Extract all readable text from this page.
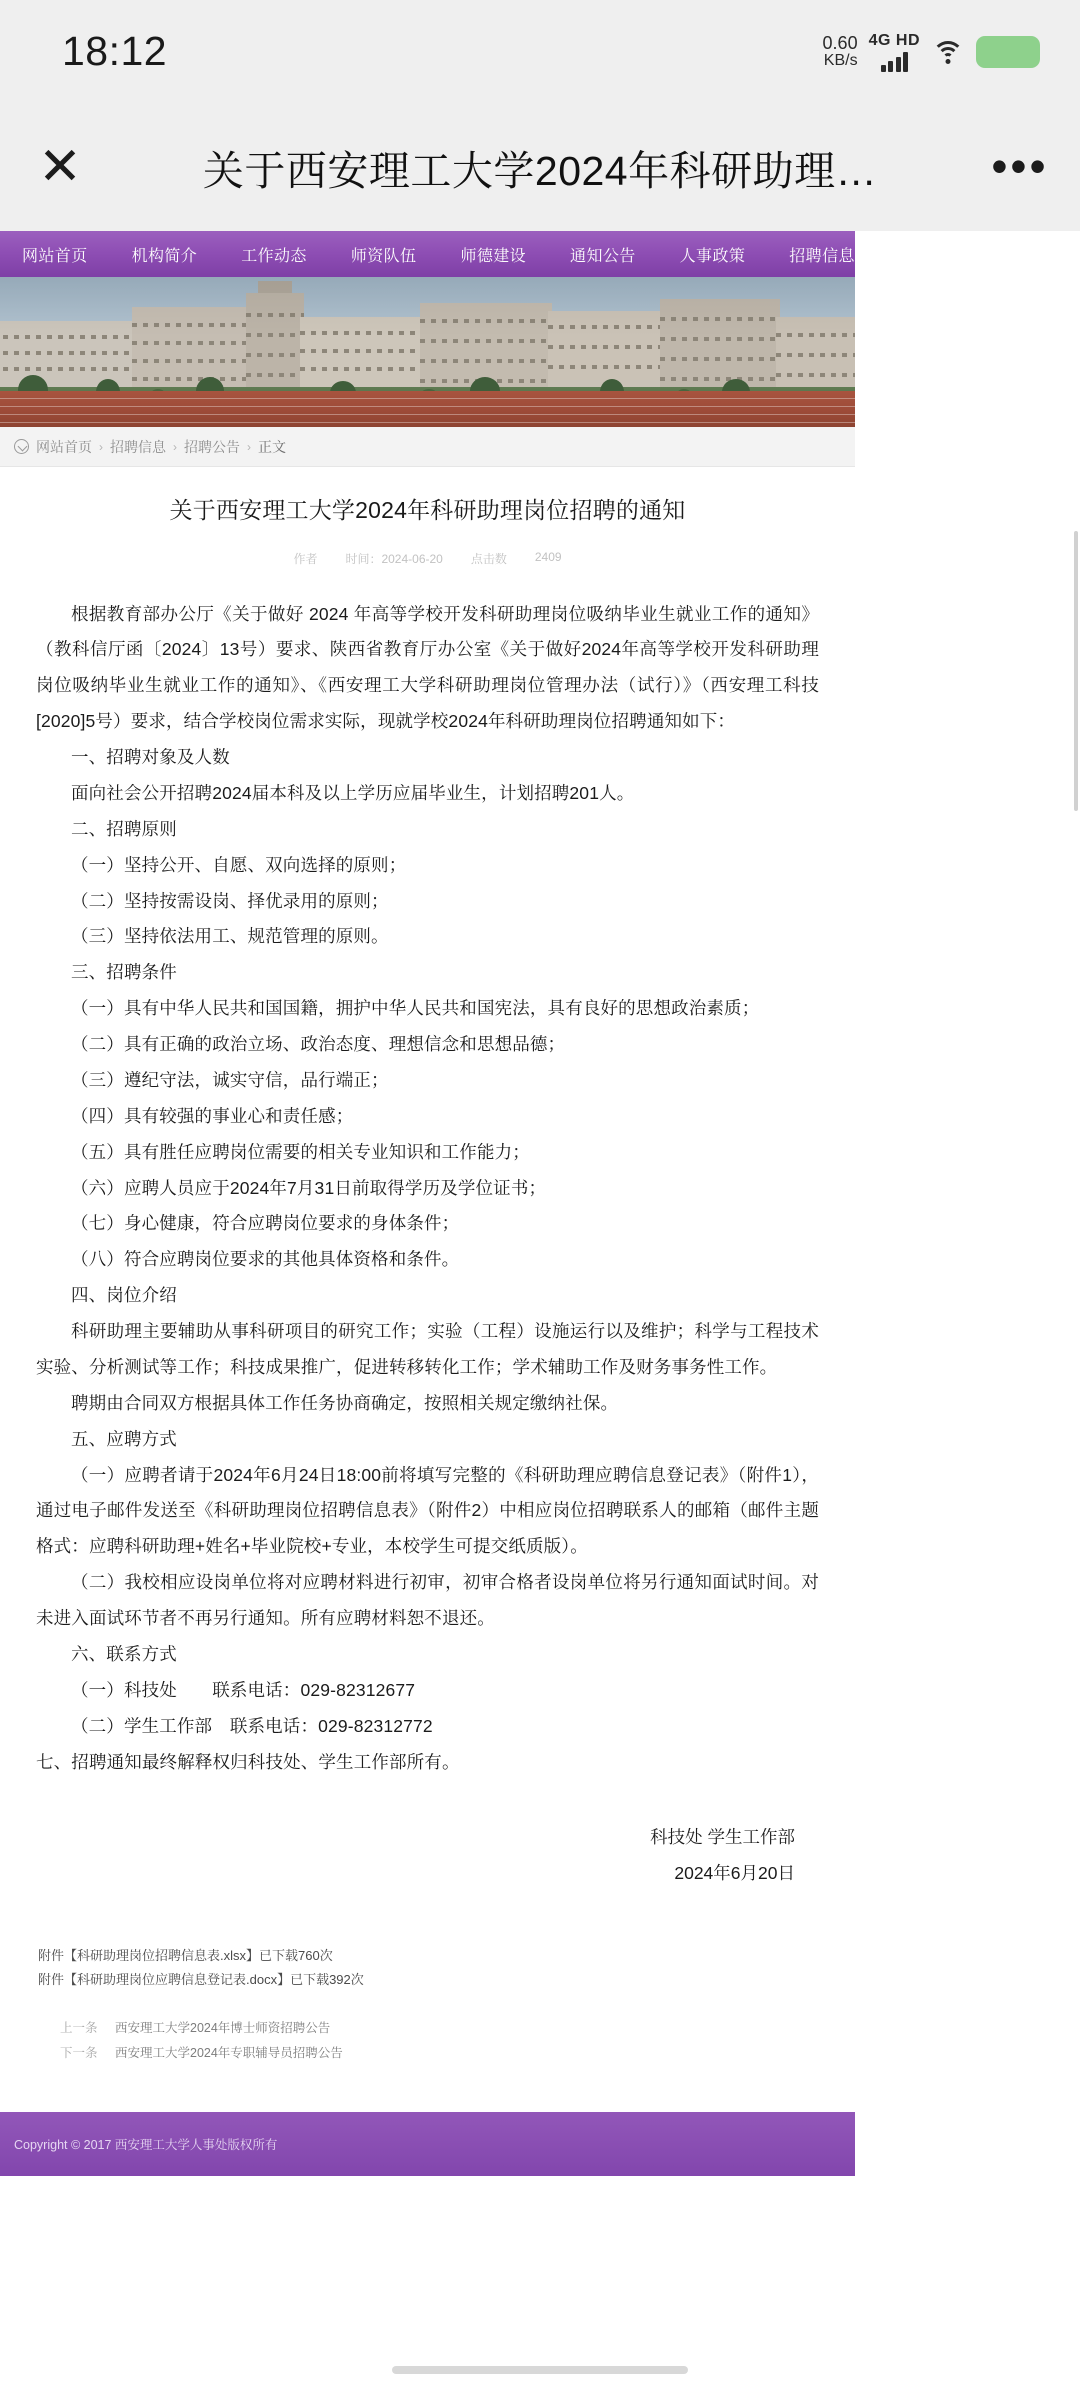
18:12	0.60
KB/s
4G HD
✕	关于西安理工大学2024年科研助理…	•••
网站首页	机构简介	工作动态	师资队伍	师德建设	通知公告	人事政策	招聘信息
网站首页 › 招聘信息 › 招聘公告 › 正文
关于西安理工大学2024年科研助理岗位招聘的通知
作者 时间：2024-06-20 点击数 2409

根据教育部办公厅《关于做好 2024 年高等学校开发科研助理岗位吸纳毕业生就业工作的通知》（教科信厅函〔2024〕13号）要求、陕西省教育厅办公室《关于做好2024年高等学校开发科研助理岗位吸纳毕业生就业工作的通知》、《西安理工大学科研助理岗位管理办法（试行）》（西安理工科技[2020]5号）要求，结合学校岗位需求实际，现就学校2024年科研助理岗位招聘通知如下：

一、招聘对象及人数

面向社会公开招聘2024届本科及以上学历应届毕业生，计划招聘201人。

二、招聘原则

（一）坚持公开、自愿、双向选择的原则；

（二）坚持按需设岗、择优录用的原则；

（三）坚持依法用工、规范管理的原则。

三、招聘条件

（一）具有中华人民共和国国籍，拥护中华人民共和国宪法，具有良好的思想政治素质；

（二）具有正确的政治立场、政治态度、理想信念和思想品德；

（三）遵纪守法，诚实守信，品行端正；

（四）具有较强的事业心和责任感；

（五）具有胜任应聘岗位需要的相关专业知识和工作能力；

（六）应聘人员应于2024年7月31日前取得学历及学位证书；

（七）身心健康，符合应聘岗位要求的身体条件；

（八）符合应聘岗位要求的其他具体资格和条件。

四、岗位介绍

科研助理主要辅助从事科研项目的研究工作；实验（工程）设施运行以及维护；科学与工程技术实验、分析测试等工作；科技成果推广，促进转移转化工作；学术辅助工作及财务事务性工作。

聘期由合同双方根据具体工作任务协商确定，按照相关规定缴纳社保。

五、应聘方式

（一）应聘者请于2024年6月24日18:00前将填写完整的《科研助理应聘信息登记表》（附件1），通过电子邮件发送至《科研助理岗位招聘信息表》（附件2）中相应岗位招聘联系人的邮箱（邮件主题格式：应聘科研助理+姓名+毕业院校+专业，本校学生可提交纸质版）。

（二）我校相应设岗单位将对应聘材料进行初审，初审合格者设岗单位将另行通知面试时间。对未进入面试环节者不再另行通知。所有应聘材料恕不退还。

六、联系方式

（一）科技处　　联系电话：029-82312677

（二）学生工作部　联系电话：029-82312772

七、招聘通知最终解释权归科技处、学生工作部所有。

科技处 学生工作部
2024年6月20日
附件【科研助理岗位招聘信息表.xlsx】已下载760次
附件【科研助理岗位应聘信息登记表.docx】已下载392次
上一条 西安理工大学2024年博士师资招聘公告
下一条 西安理工大学2024年专职辅导员招聘公告
Copyright © 2017 西安理工大学人事处版权所有
